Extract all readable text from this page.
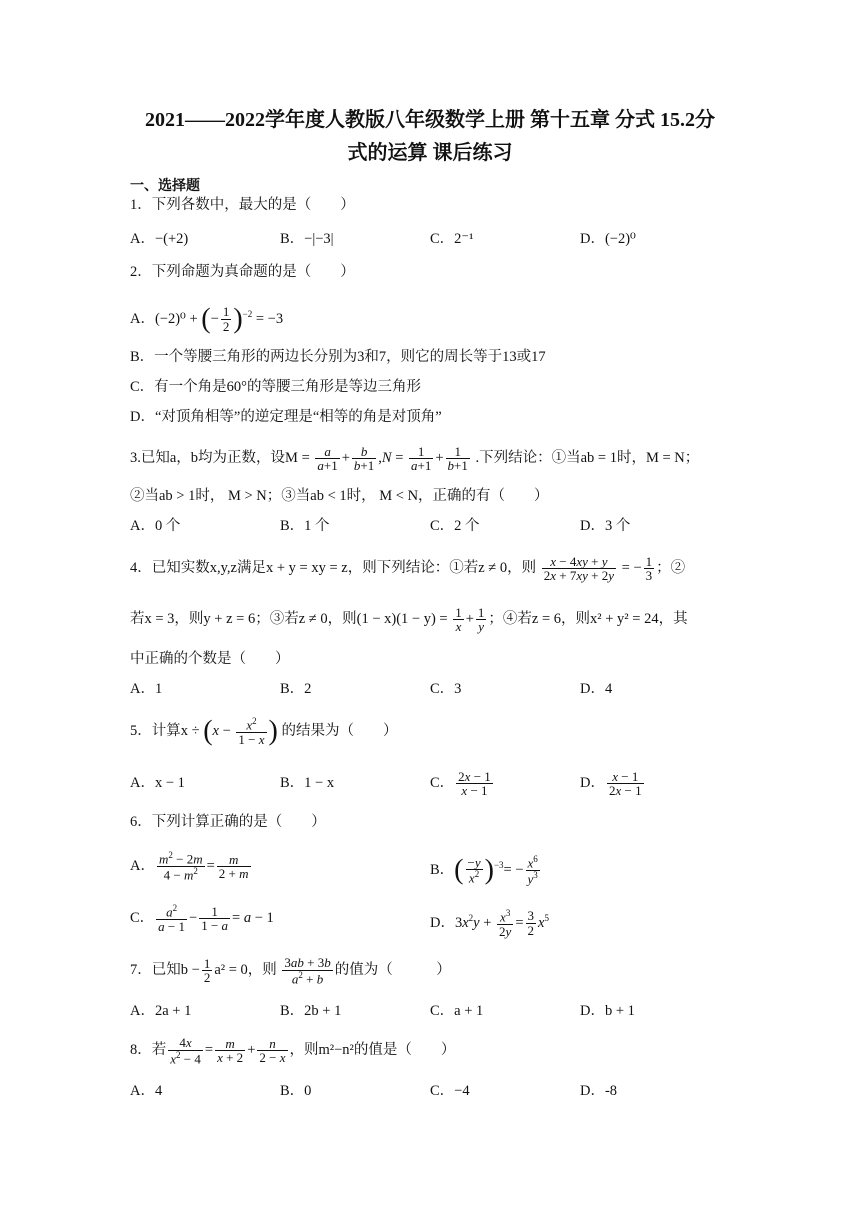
2021——2022学年度人教版八年级数学上册 第十五章 分式 15.2分
式的运算 课后练习
一、选择题
1．下列各数中，最大的是（　　）
A．−(+2)	B．−|−3|	C．2⁻¹	D．(−2)⁰
2．下列命题为真命题的是（　　）
A．(−2)⁰ + (− $\frac{1}{2} )^{-2} = -3$
B．一个等腰三角形的两边长分别为3和7，则它的周长等于13或17
C．有一个角是60°的等腰三角形是等边三角形
D．“对顶角相等”的逆定理是“相等的角是对顶角”
3.已知a，b均为正数，设$M = \frac{a}{a+1} + \frac{b}{b+1} ,N = \frac{1}{a+1} + \frac{1}{b+1}$ .下列结论：①当ab = 1时，M = N；
②当ab > 1时， M > N；③当ab < 1时， M < N，正确的有（　　）
A．0 个	B．1 个	C．2 个	D．3 个
4．已知实数x,y,z满足x + y = xy = z，则下列结论：①若z ≠ 0，则 $\frac{x - 4xy + y}{2x + 7xy + 2y}$ = − $\frac{1}{3}$ ；②
若x = 3，则y + z = 6；③若z ≠ 0，则$(1 - x)(1 - y) = \frac{1}{x} + \frac{1}{y}$ ；④若z = 6，则x² + y² = 24，其
中正确的个数是（　　）
A．1	B．2	C．3	D．4
5．计算$x \div (x - \frac{x^2}{1 - x}$ ) 的结果为（　　）
A．x − 1	B．1 − x	C． $\frac{2x - 1}{x - 1}$	D． $\frac{x - 1}{2x - 1}$
6．下列计算正确的是（　　）
A． $\frac{m^2 - 2m}{4 - m^2} = \frac{m}{2 + m}$	B．( $\frac{-y}{x^2} )^{-3}= - \frac{x^6}{y^3}$
C． $\frac{a^2}{a - 1} - \frac{1}{1 - a} = a - 1$	D．$3x^2y + \frac{x^3}{2y} = \frac{3}{2} x^5$
7．已知$b - \frac{1}{2} a^2 = 0$，则 $\frac{3ab + 3b}{a^2 + b}$ 的值为（　　　）
A．2a + 1	B．2b + 1	C．a + 1	D．b + 1
8．若 $\frac{4x}{x^2 - 4} = \frac{m}{x + 2} + \frac{n}{2 - x}$ ，则m²−n²的值是（　　）
A．4	B．0	C．−4	D．-8
